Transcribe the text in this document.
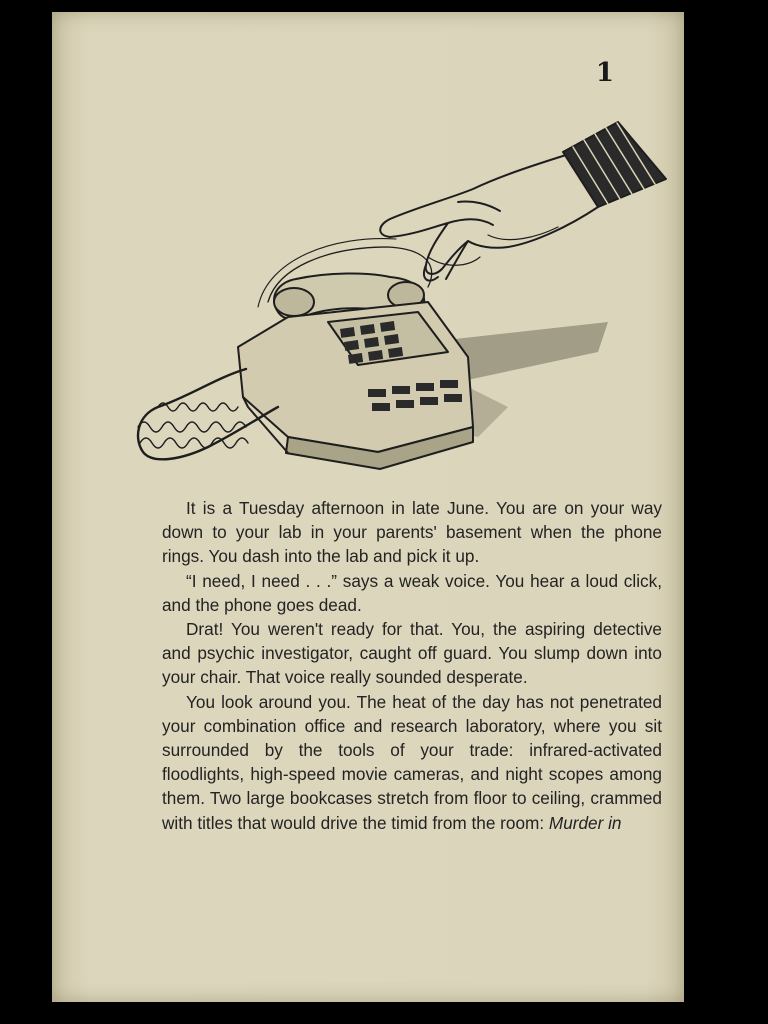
1

It is a Tuesday afternoon in late June. You are on your way down to your lab in your parents' basement when the phone rings. You dash into the lab and pick it up.

“I need, I need . . .” says a weak voice. You hear a loud click, and the phone goes dead.

Drat! You weren't ready for that. You, the aspiring detective and psychic investigator, caught off guard. You slump down into your chair. That voice really sounded desperate.

You look around you. The heat of the day has not penetrated your combination office and research laboratory, where you sit surrounded by the tools of your trade: infrared-activated floodlights, high-speed movie cameras, and night scopes among them. Two large bookcases stretch from floor to ceiling, crammed with titles that would drive the timid from the room: Murder in
